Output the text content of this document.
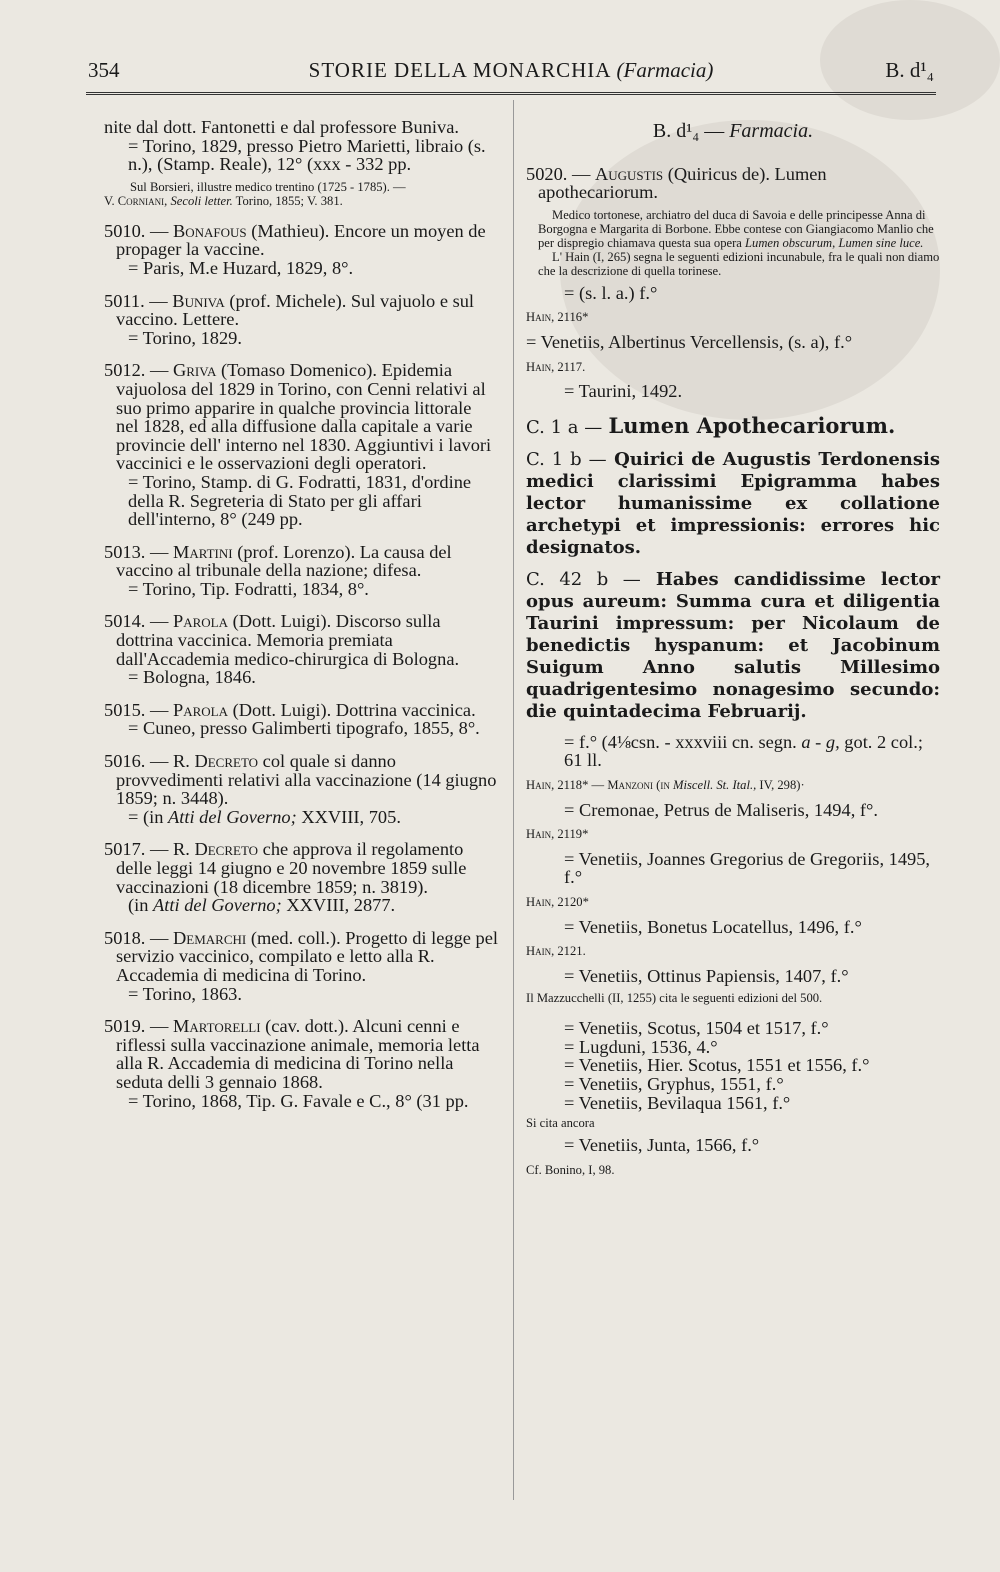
354	STORIE DELLA MONARCHIA (Farmacia)	B. d¹₄

nite dal dott. Fantonetti e dal professore Buniva.

= Torino, 1829, presso Pietro Marietti, libraio (s. n.), (Stamp. Reale), 12° (xxx - 332 pp.

Sul Borsieri, illustre medico trentino (1725 - 1785). —

V. Corniani, Secoli letter. Torino, 1855; V. 381.

5010. — Bonafous (Mathieu). Encore un moyen de propager la vaccine.

= Paris, M.e Huzard, 1829, 8°.

5011. — Buniva (prof. Michele). Sul vajuolo e sul vaccino. Lettere.

= Torino, 1829.

5012. — Griva (Tomaso Domenico). Epidemia vajuolosa del 1829 in Torino, con Cenni relativi al suo primo apparire in qualche provincia littorale nel 1828, ed alla diffusione dalla capitale a varie provincie dell' interno nel 1830. Aggiuntivi i lavori vaccinici e le osservazioni degli operatori.

= Torino, Stamp. di G. Fodratti, 1831, d'ordine della R. Segreteria di Stato per gli affari dell'interno, 8° (249 pp.

5013. — Martini (prof. Lorenzo). La causa del vaccino al tribunale della nazione; difesa.

= Torino, Tip. Fodratti, 1834, 8°.

5014. — Parola (Dott. Luigi). Discorso sulla dottrina vaccinica. Memoria premiata dall'Accademia medico-chirurgica di Bologna.

= Bologna, 1846.

5015. — Parola (Dott. Luigi). Dottrina vaccinica.

= Cuneo, presso Galimberti tipografo, 1855, 8°.

5016. — R. Decreto col quale si danno provvedimenti relativi alla vaccinazione (14 giugno 1859; n. 3448).

= (in Atti del Governo; XXVIII, 705.

5017. — R. Decreto che approva il regolamento delle leggi 14 giugno e 20 novembre 1859 sulle vaccinazioni (18 dicembre 1859; n. 3819).

(in Atti del Governo; XXVIII, 2877.

5018. — Demarchi (med. coll.). Progetto di legge pel servizio vaccinico, compilato e letto alla R. Accademia di medicina di Torino.

= Torino, 1863.

5019. — Martorelli (cav. dott.). Alcuni cenni e riflessi sulla vaccinazione animale, memoria letta alla R. Accademia di medicina di Torino nella seduta delli 3 gennaio 1868.

= Torino, 1868, Tip. G. Favale e C., 8° (31 pp.

B. d¹₄ — Farmacia.

5020. — Augustis (Quiricus de). Lumen apothecariorum.

Medico tortonese, archiatro del duca di Savoia e delle principesse Anna di Borgogna e Margarita di Borbone. Ebbe contese con Giangiacomo Manlio che per dispregio chiamava questa sua opera Lumen obscurum, Lumen sine luce.

L' Hain (I, 265) segna le seguenti edizioni incunabule, fra le quali non diamo che la descrizione di quella torinese.

= (s. l. a.) f.°

Hain, 2116*

= Venetiis, Albertinus Vercellensis, (s. a), f.°

Hain, 2117.

= Taurini, 1492.

C. 1 a — Lumen Apothecariorum.

C. 1 b — Quirici de Augustis Terdonensis medici clarissimi Epigramma habes lector humanissime ex collatione archetypi et impressionis: errores hic designatos.

C. 42 b — Habes candidissime lector opus aureum: Summa cura et diligentia Taurini impressum: per Nicolaum de benedictis hyspanum: et Jacobinum Suigum Anno salutis Millesimo quadrigentesimo nonagesimo secundo: die quintadecima Februarij.

= f.° (4⅛csn. - xxxviii cn. segn. a - g, got. 2 col.; 61 ll.

Hain, 2118* — Manzoni (in Miscell. St. Ital., IV, 298)·

= Cremonae, Petrus de Maliseris, 1494, f°.

Hain, 2119*

= Venetiis, Joannes Gregorius de Gregoriis, 1495, f.°

Hain, 2120*

= Venetiis, Bonetus Locatellus, 1496, f.°

Hain, 2121.

= Venetiis, Ottinus Papiensis, 1407, f.°

Il Mazzucchelli (II, 1255) cita le seguenti edizioni del 500.

= Venetiis, Scotus, 1504 et 1517, f.°

= Lugduni, 1536, 4.°

= Venetiis, Hier. Scotus, 1551 et 1556, f.°

= Venetiis, Gryphus, 1551, f.°

= Venetiis, Bevilaqua 1561, f.°

Si cita ancora

= Venetiis, Junta, 1566, f.°

Cf. Bonino, I, 98.
